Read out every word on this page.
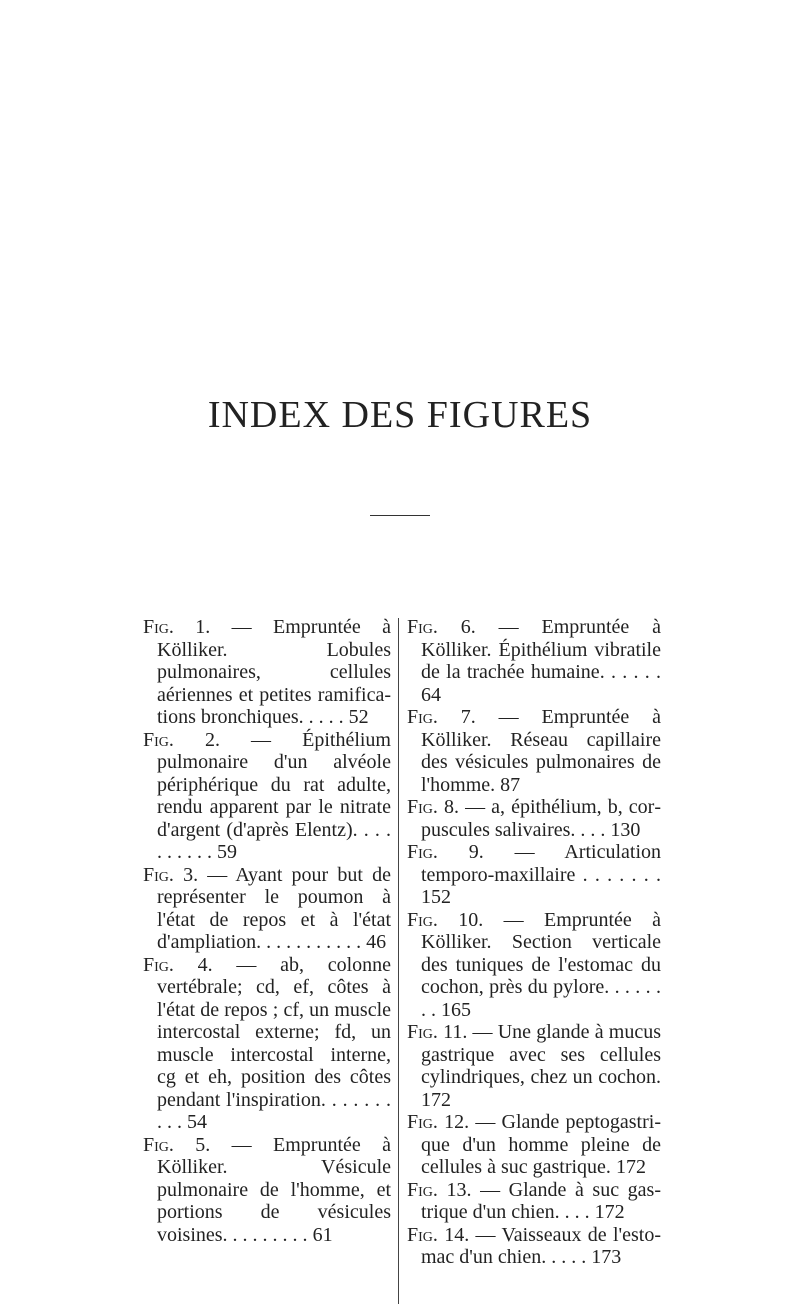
INDEX DES FIGURES

Fig. 1. — Empruntée à Kölliker. Lobules pulmonaires, cellules aériennes et petites ramifications bronchiques. . . . . 52

Fig. 2. — Épithélium pulmonaire d'un alvéole périphérique du rat adulte, rendu apparent par le nitrate d'argent (d'après Elentz). . . . . . . . . . 59

Fig. 3. — Ayant pour but de représenter le poumon à l'état de repos et à l'état d'ampliation. . . . . . . . . . . 46

Fig. 4. — ab, colonne vertébrale; cd, ef, côtes à l'état de repos ; cf, un muscle intercostal externe; fd, un muscle intercostal interne, cg et eh, position des côtes pendant l'inspiration. . . . . . . . . . 54

Fig. 5. — Empruntée à Kölliker. Vésicule pulmonaire de l'homme, et portions de vésicules voisines. . . . . . . . . 61

Fig. 6. — Empruntée à Kölliker. Épithélium vibratile de la trachée humaine. . . . . . 64

Fig. 7. — Empruntée à Kölliker. Réseau capillaire des vésicules pulmonaires de l'homme. 87

Fig. 8. — a, épithélium, b, corpuscules salivaires. . . . 130

Fig. 9. — Articulation temporo-maxillaire . . . . . . . 152

Fig. 10. — Empruntée à Kölliker. Section verticale des tuniques de l'estomac du cochon, près du pylore. . . . . . . . 165

Fig. 11. — Une glande à mucus gastrique avec ses cellules cylindriques, chez un cochon. 172

Fig. 12. — Glande peptogastrique d'un homme pleine de cellules à suc gastrique. 172

Fig. 13. — Glande à suc gastrique d'un chien. . . . 172

Fig. 14. — Vaisseaux de l'estomac d'un chien. . . . . 173
